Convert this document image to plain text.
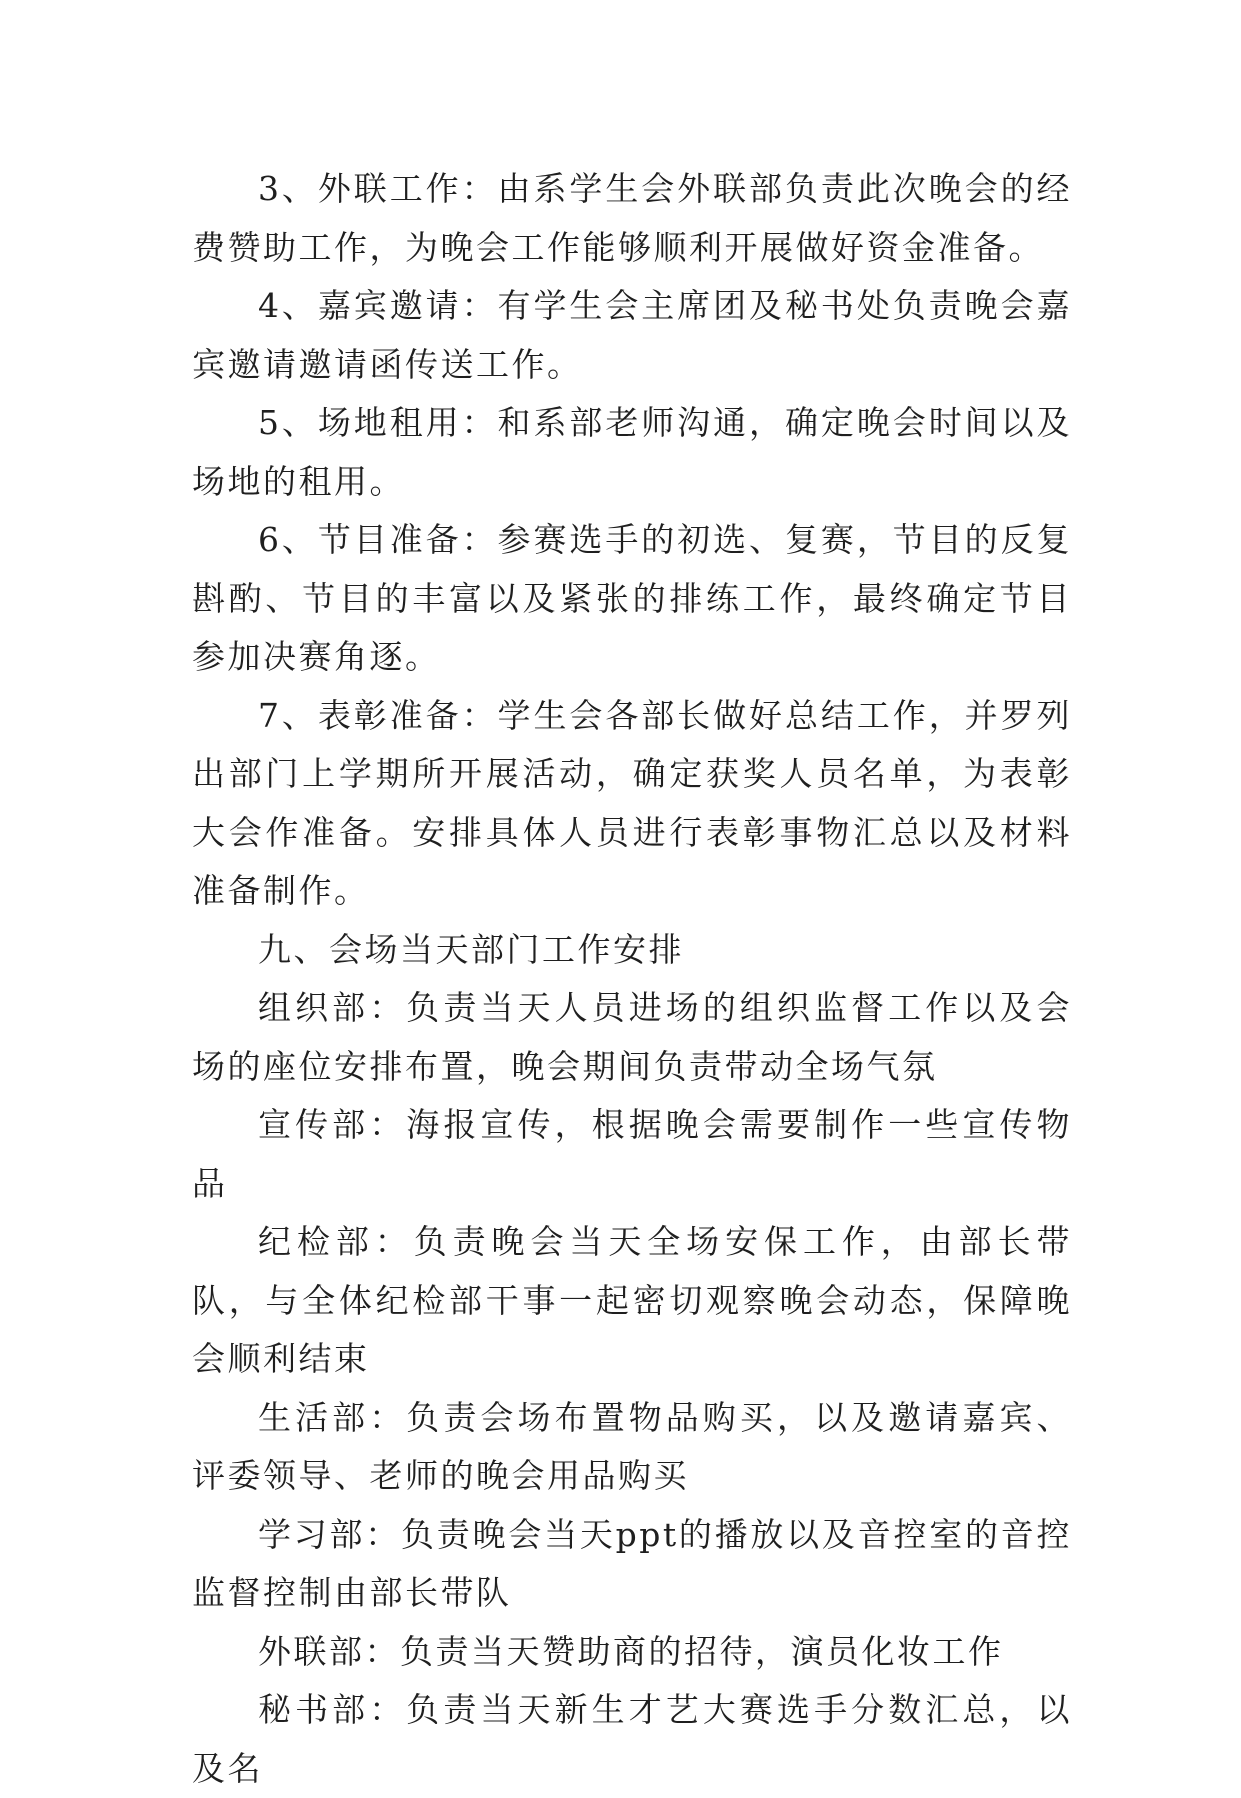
3、外联工作：由系学生会外联部负责此次晚会的经费赞助工作，为晚会工作能够顺利开展做好资金准备。

4、嘉宾邀请：有学生会主席团及秘书处负责晚会嘉宾邀请邀请函传送工作。

5、场地租用：和系部老师沟通，确定晚会时间以及场地的租用。

6、节目准备：参赛选手的初选、复赛，节目的反复斟酌、节目的丰富以及紧张的排练工作，最终确定节目参加决赛角逐。

7、表彰准备：学生会各部长做好总结工作，并罗列出部门上学期所开展活动，确定获奖人员名单，为表彰大会作准备。安排具体人员进行表彰事物汇总以及材料准备制作。

九、会场当天部门工作安排

组织部：负责当天人员进场的组织监督工作以及会场的座位安排布置，晚会期间负责带动全场气氛

宣传部：海报宣传，根据晚会需要制作一些宣传物品

纪检部：负责晚会当天全场安保工作，由部长带队，与全体纪检部干事一起密切观察晚会动态，保障晚会顺利结束

生活部：负责会场布置物品购买，以及邀请嘉宾、评委领导、老师的晚会用品购买

学习部：负责晚会当天ppt的播放以及音控室的音控监督控制由部长带队

外联部：负责当天赞助商的招待，演员化妆工作

秘书部：负责当天新生才艺大赛选手分数汇总，以及名
